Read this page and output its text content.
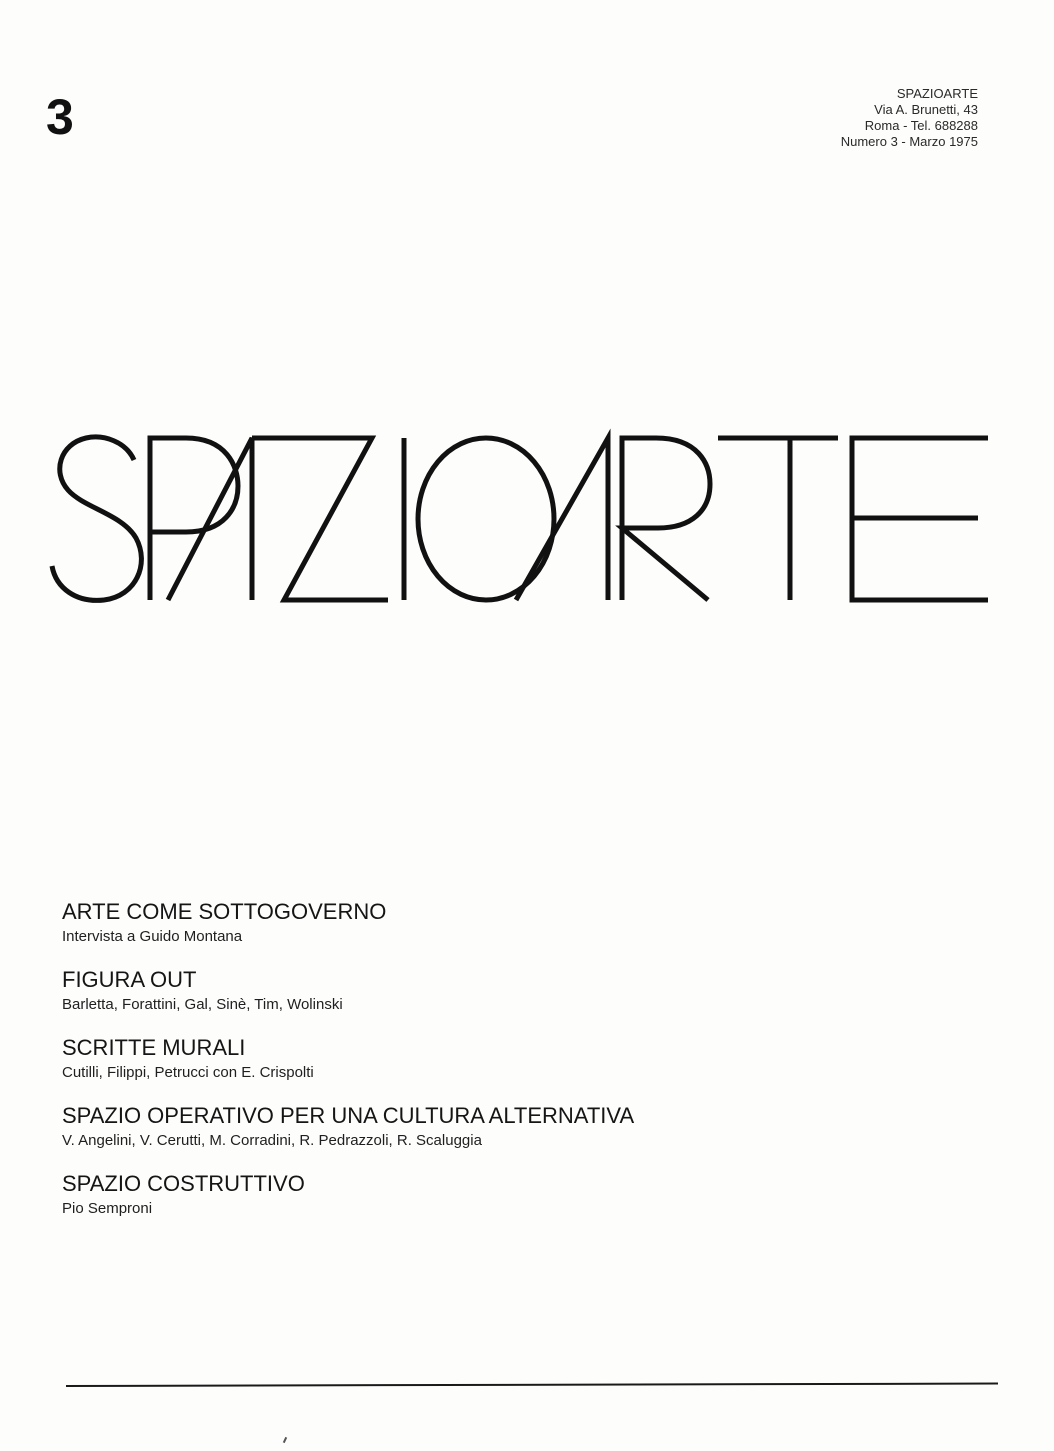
3	SPAZIOARTE
Via A. Brunetti, 43
Roma - Tel. 688288
Numero 3 - Marzo 1975
ARTE COME SOTTOGOVERNO
Intervista a Guido Montana
FIGURA OUT
Barletta, Forattini, Gal, Sinè, Tim, Wolinski
SCRITTE MURALI
Cutilli, Filippi, Petrucci con E. Crispolti
SPAZIO OPERATIVO PER UNA CULTURA ALTERNATIVA
V. Angelini, V. Cerutti, M. Corradini, R. Pedrazzoli, R. Scaluggia
SPAZIO COSTRUTTIVO
Pio Semproni
